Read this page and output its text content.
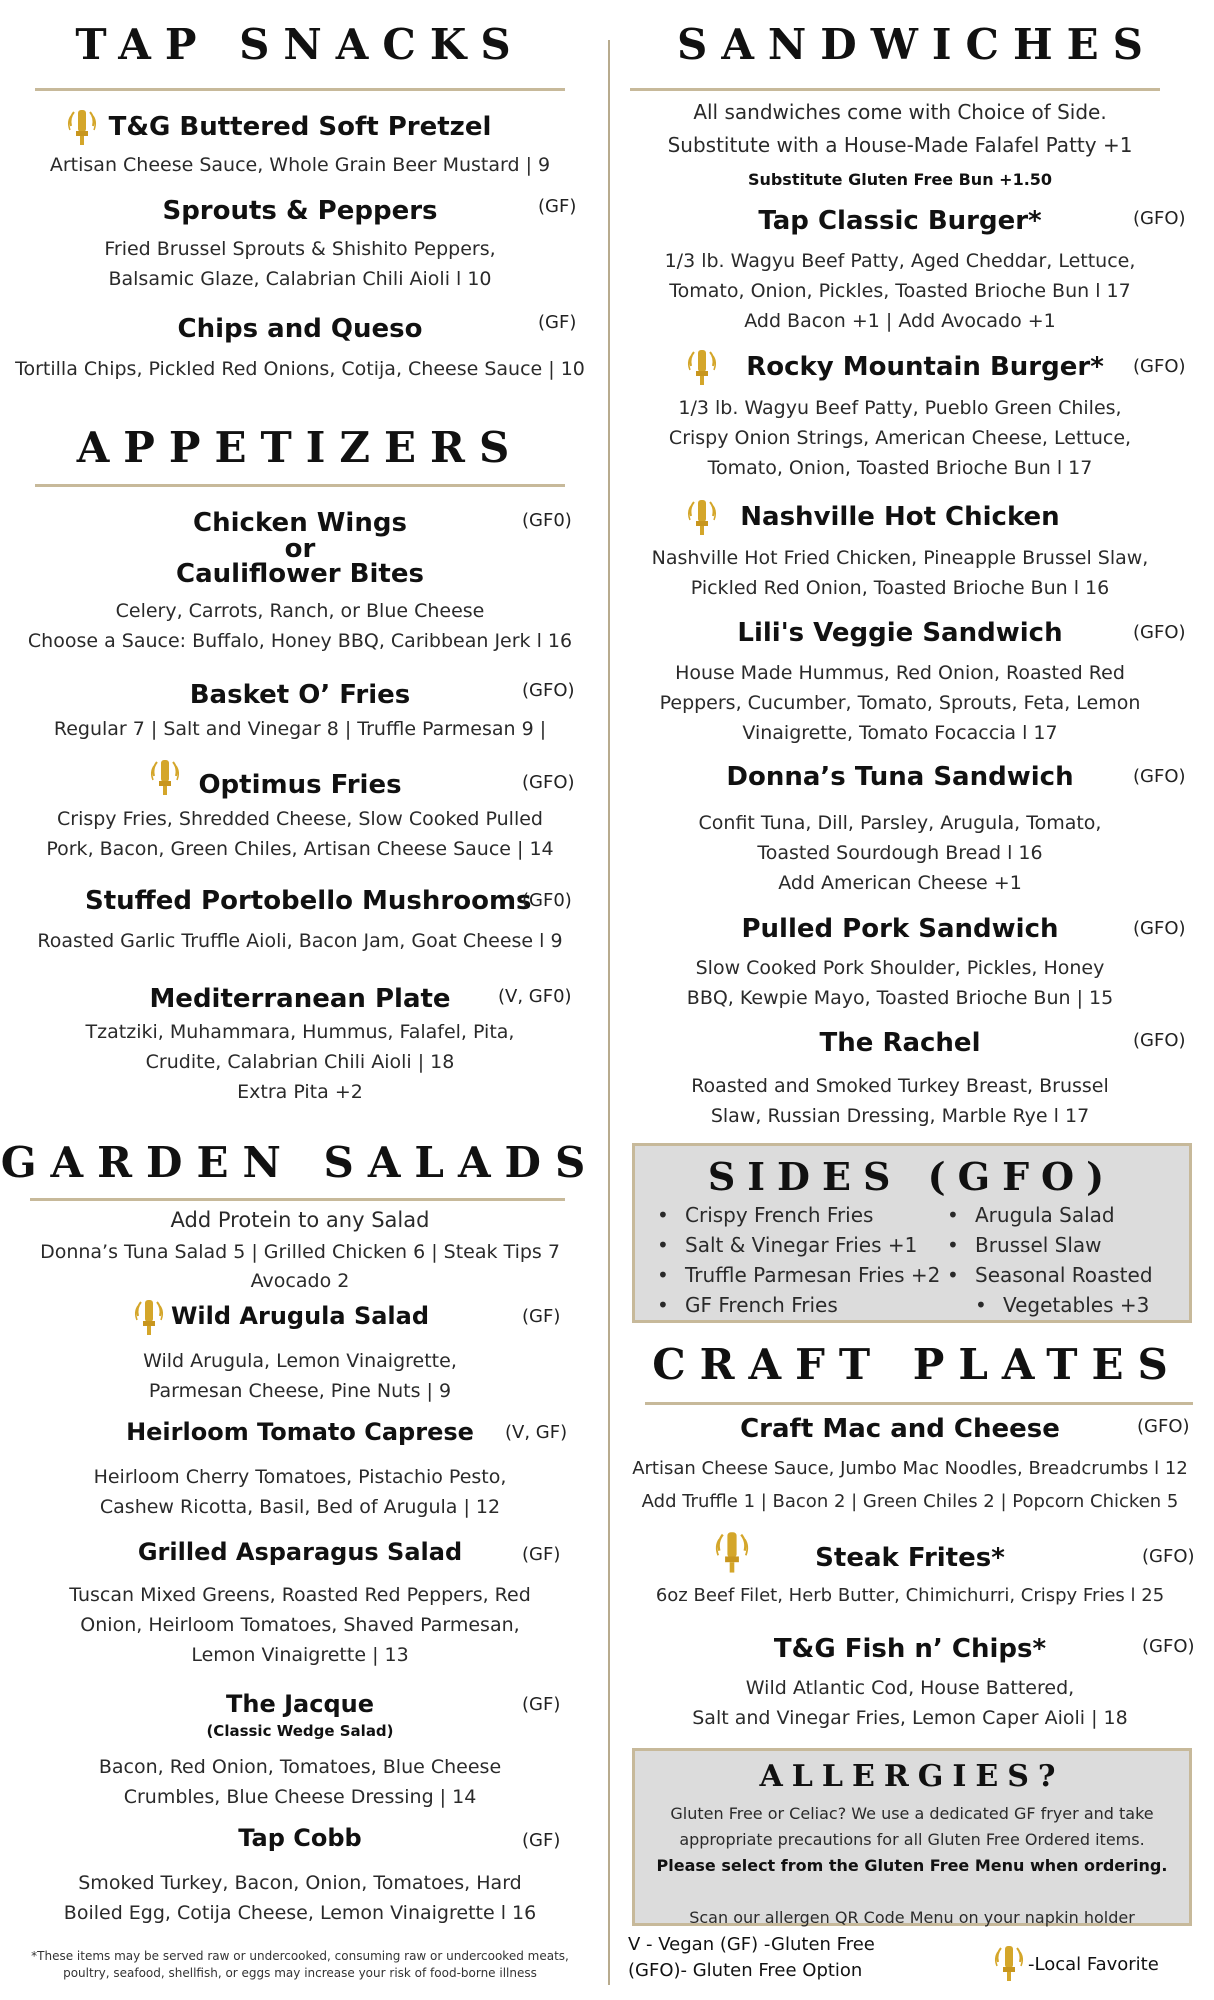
TAP SNACKS
T&G Buttered Soft Pretzel
Artisan Cheese Sauce, Whole Grain Beer Mustard | 9
Sprouts & Peppers	(GF)
Fried Brussel Sprouts & Shishito Peppers,
Balsamic Glaze, Calabrian Chili Aioli l 10
Chips and Queso	(GF)
Tortilla Chips, Pickled Red Onions, Cotija, Cheese Sauce | 10
APPETIZERS
Chicken Wings
or
Cauliflower Bites
(GF0)
Celery, Carrots, Ranch, or Blue Cheese
Choose a Sauce: Buffalo, Honey BBQ, Caribbean Jerk l 16
Basket O’ Fries	(GFO)
Regular 7 | Salt and Vinegar 8 | Truffle Parmesan 9 |
Optimus Fries	(GFO)
Crispy Fries, Shredded Cheese, Slow Cooked Pulled
Pork, Bacon, Green Chiles, Artisan Cheese Sauce | 14
Stuffed Portobello Mushrooms
(GF0)
Roasted Garlic Truffle Aioli, Bacon Jam, Goat Cheese l 9
Mediterranean Plate	(V, GF0)
Tzatziki, Muhammara, Hummus, Falafel, Pita,
Crudite, Calabrian Chili Aioli | 18
Extra Pita +2
GARDEN SALADS
Add Protein to any Salad
Donna’s Tuna Salad 5 | Grilled Chicken 6 | Steak Tips 7
Avocado 2
Wild Arugula Salad	(GF)
Wild Arugula, Lemon Vinaigrette,
Parmesan Cheese, Pine Nuts | 9
Heirloom Tomato Caprese	(V, GF)
Heirloom Cherry Tomatoes, Pistachio Pesto,
Cashew Ricotta, Basil, Bed of Arugula | 12
Grilled Asparagus Salad	(GF)
Tuscan Mixed Greens, Roasted Red Peppers, Red
Onion, Heirloom Tomatoes, Shaved Parmesan,
Lemon Vinaigrette | 13
The Jacque	(GF)
(Classic Wedge Salad)
Bacon, Red Onion, Tomatoes, Blue Cheese
Crumbles, Blue Cheese Dressing | 14
Tap Cobb	(GF)
Smoked Turkey, Bacon, Onion, Tomatoes, Hard
Boiled Egg, Cotija Cheese, Lemon Vinaigrette l 16
*These items may be served raw or undercooked, consuming raw or undercooked meats,
poultry, seafood, shellfish, or eggs may increase your risk of food-borne illness
SANDWICHES
All sandwiches come with Choice of Side.
Substitute with a House-Made Falafel Patty +1
Substitute Gluten Free Bun +1.50
Tap Classic Burger*	(GFO)
1/3 lb. Wagyu Beef Patty, Aged Cheddar, Lettuce,
Tomato, Onion, Pickles, Toasted Brioche Bun l 17
Add Bacon +1 | Add Avocado +1
Rocky Mountain Burger*	(GFO)
1/3 lb. Wagyu Beef Patty, Pueblo Green Chiles,
Crispy Onion Strings, American Cheese, Lettuce,
Tomato, Onion, Toasted Brioche Bun l 17
Nashville Hot Chicken
Nashville Hot Fried Chicken, Pineapple Brussel Slaw,
Pickled Red Onion, Toasted Brioche Bun l 16
Lili's Veggie Sandwich	(GFO)
House Made Hummus, Red Onion, Roasted Red
Peppers, Cucumber, Tomato, Sprouts, Feta, Lemon
Vinaigrette, Tomato Focaccia l 17
Donna’s Tuna Sandwich	(GFO)
Confit Tuna, Dill, Parsley, Arugula, Tomato,
Toasted Sourdough Bread l 16
Add American Cheese +1
Pulled Pork Sandwich	(GFO)
Slow Cooked Pork Shoulder, Pickles, Honey
BBQ, Kewpie Mayo, Toasted Brioche Bun | 15
The Rachel	(GFO)
Roasted and Smoked Turkey Breast, Brussel
Slaw, Russian Dressing, Marble Rye l 17
SIDES (GFO)
• Crispy French Fries
• Salt & Vinegar Fries +1
• Truffle Parmesan Fries +2
• GF French Fries
• Arugula Salad
• Brussel Slaw
• Seasonal Roasted
• Vegetables +3
CRAFT PLATES
Craft Mac and Cheese	(GFO)
Artisan Cheese Sauce, Jumbo Mac Noodles, Breadcrumbs l 12
Add Truffle 1 | Bacon 2 | Green Chiles 2 | Popcorn Chicken 5
Steak Frites*	(GFO)
6oz Beef Filet, Herb Butter, Chimichurri, Crispy Fries l 25
T&G Fish n’ Chips*	(GFO)
Wild Atlantic Cod, House Battered,
Salt and Vinegar Fries, Lemon Caper Aioli | 18
ALLERGIES?
Gluten Free or Celiac? We use a dedicated GF fryer and take
appropriate precautions for all Gluten Free Ordered items.
Please select from the Gluten Free Menu when ordering.
Scan our allergen QR Code Menu on your napkin holder
V - Vegan (GF) -Gluten Free
(GFO)- Gluten Free Option	-Local Favorite
